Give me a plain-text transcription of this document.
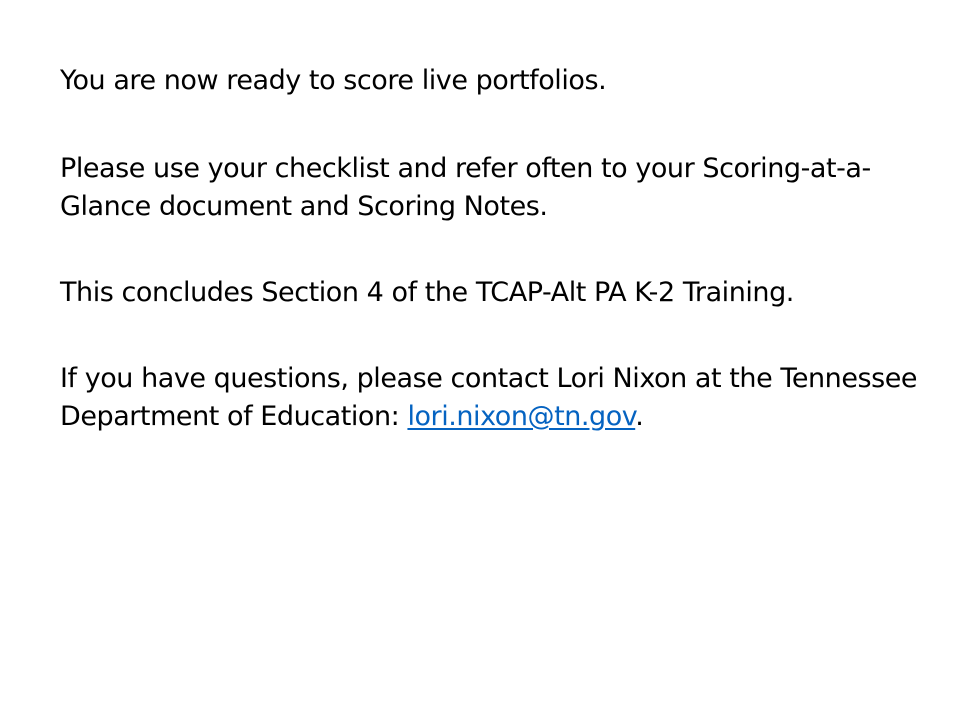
You are now ready to score live portfolios.

Please use your checklist and refer often to your Scoring-at-a-Glance document and Scoring Notes.

This concludes Section 4 of the TCAP-Alt PA K-2 Training.

If you have questions, please contact Lori Nixon at the Tennessee Department of Education: lori.nixon@tn.gov.
